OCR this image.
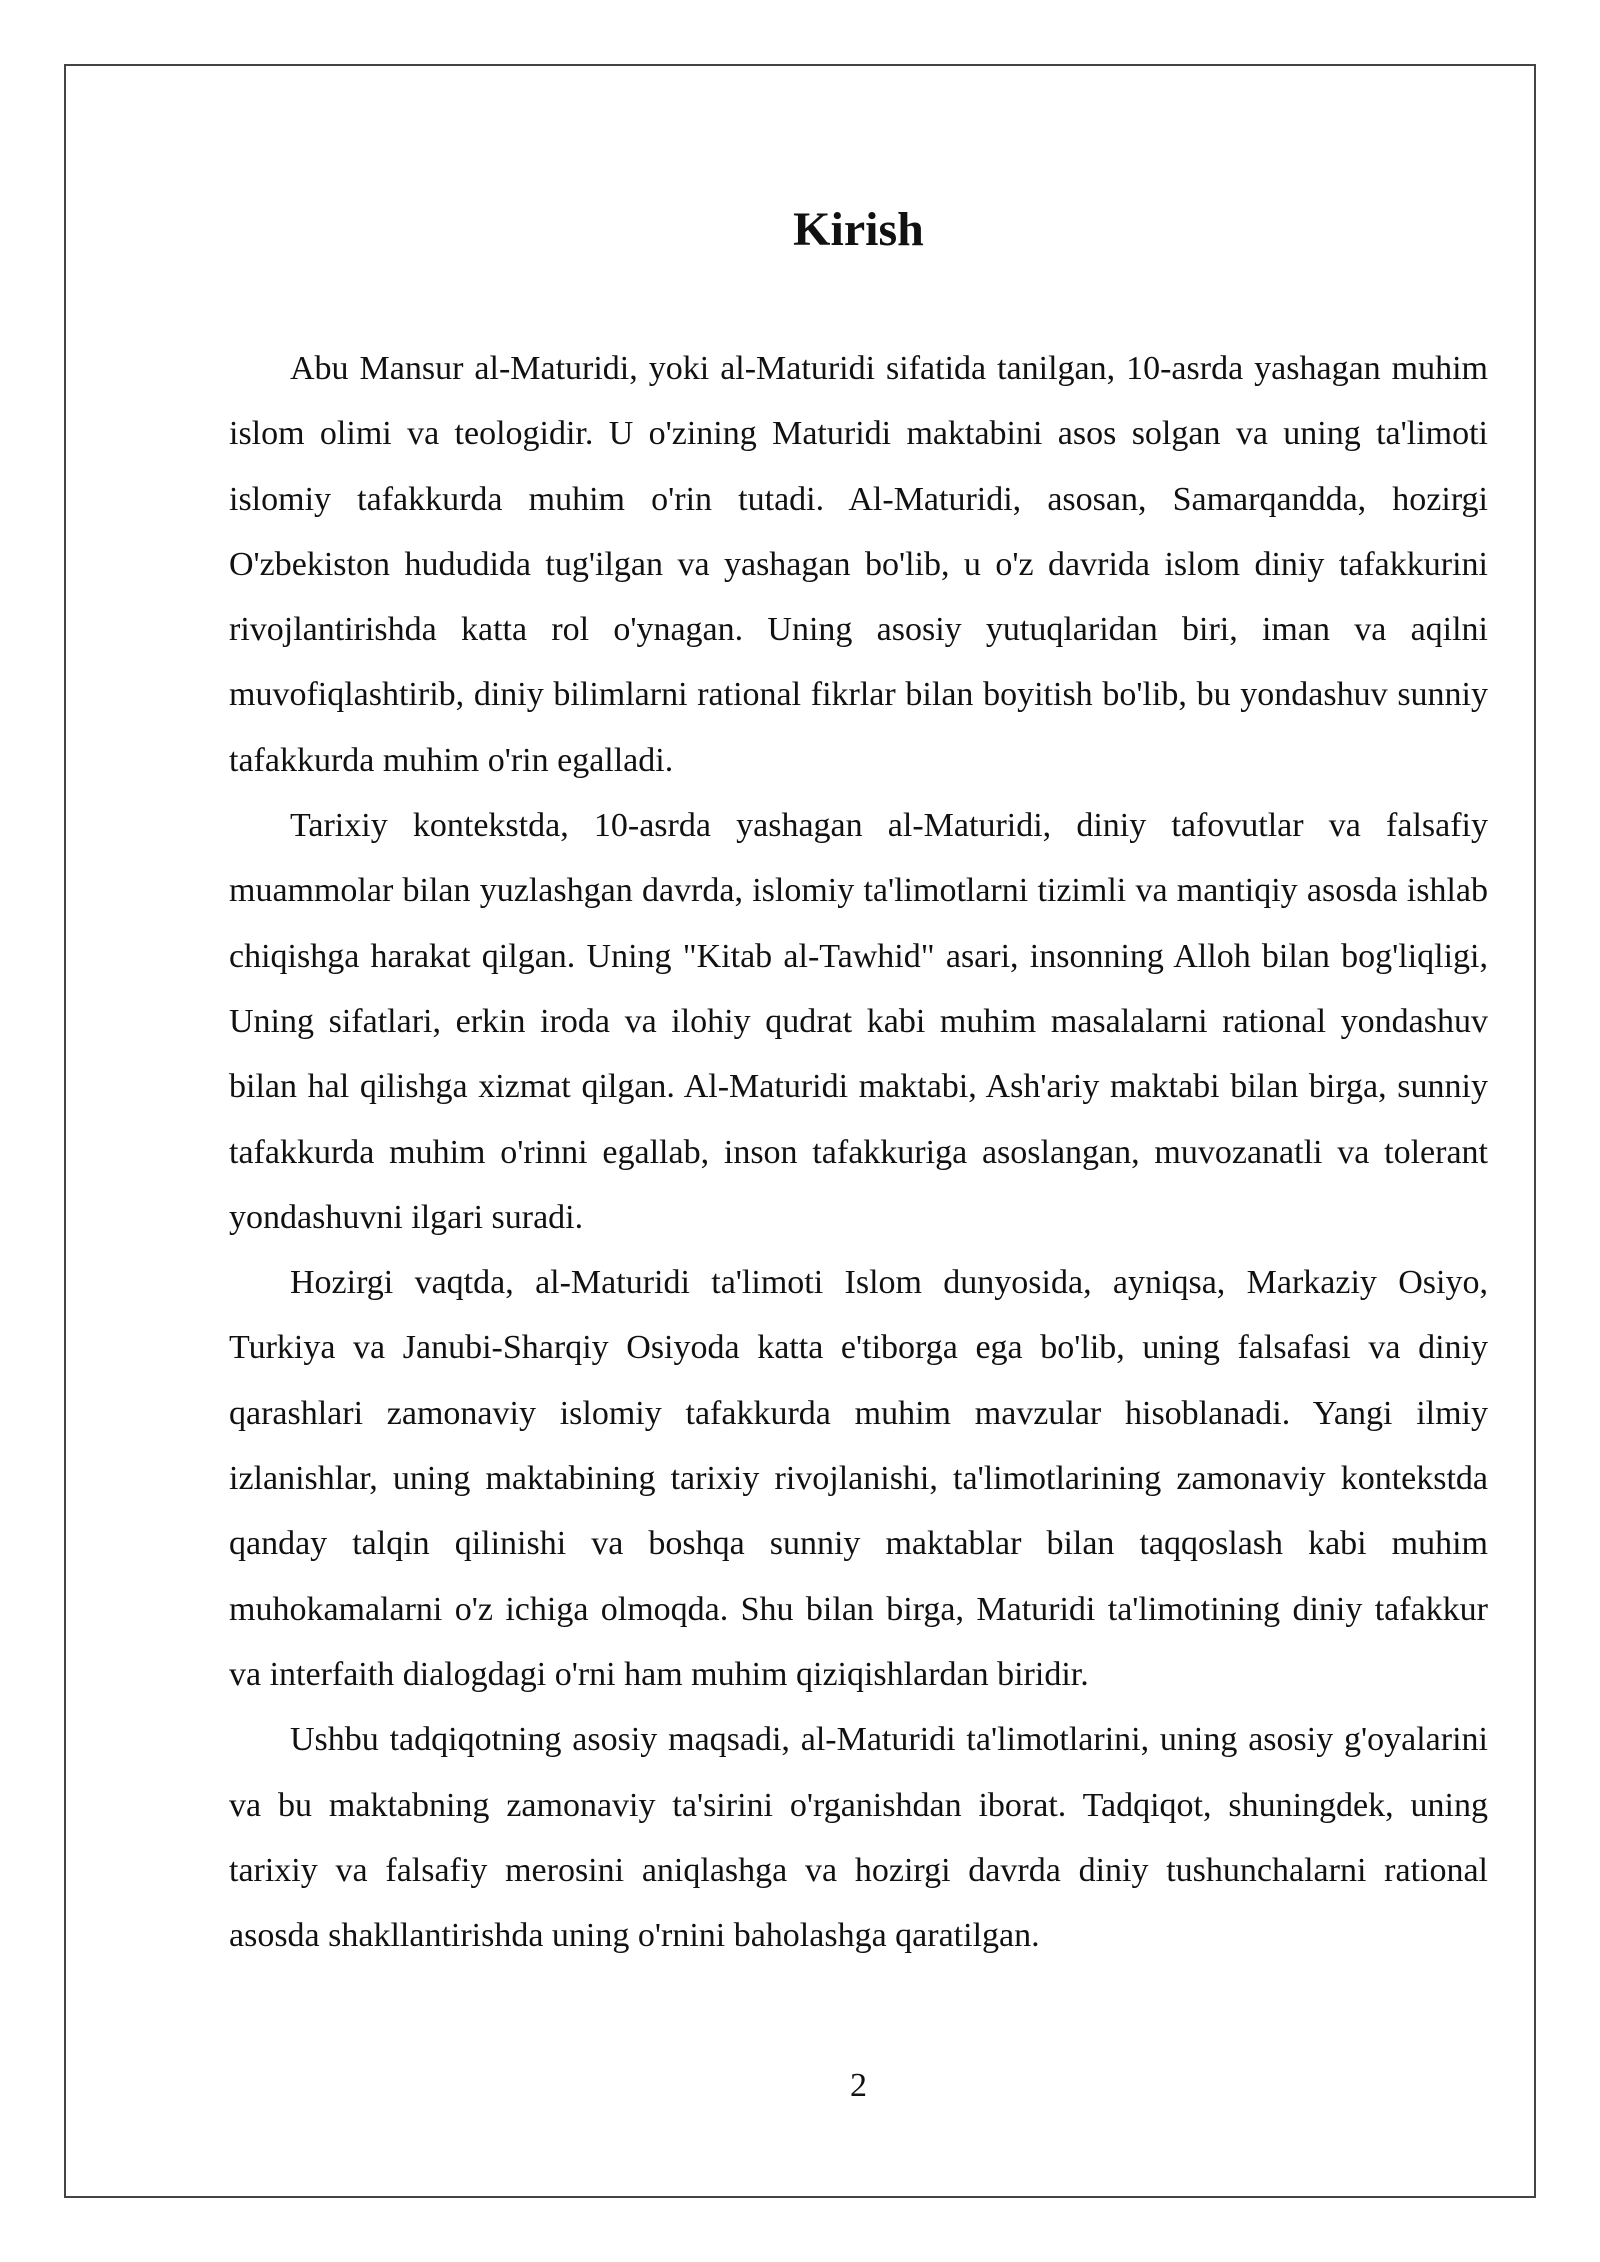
Kirish

Abu Mansur al-Maturidi, yoki al-Maturidi sifatida tanilgan, 10-asrda yashagan muhim islom olimi va teologidir. U o'zining Maturidi maktabini asos solgan va uning ta'limoti islomiy tafakkurda muhim o'rin tutadi. Al-Maturidi, asosan, Samarqandda, hozirgi O'zbekiston hududida tug'ilgan va yashagan bo'lib, u o'z davrida islom diniy tafakkurini rivojlantirishda katta rol o'ynagan. Uning asosiy yutuqlaridan biri, iman va aqilni muvofiqlashtirib, diniy bilimlarni rational fikrlar bilan boyitish bo'lib, bu yondashuv sunniy tafakkurda muhim o'rin egalladi.

Tarixiy kontekstda, 10-asrda yashagan al-Maturidi, diniy tafovutlar va falsafiy muammolar bilan yuzlashgan davrda, islomiy ta'limotlarni tizimli va mantiqiy asosda ishlab chiqishga harakat qilgan. Uning "Kitab al-Tawhid" asari, insonning Alloh bilan bog'liqligi, Uning sifatlari, erkin iroda va ilohiy qudrat kabi muhim masalalarni rational yondashuv bilan hal qilishga xizmat qilgan. Al-Maturidi maktabi, Ash'ariy maktabi bilan birga, sunniy tafakkurda muhim o'rinni egallab, inson tafakkuriga asoslangan, muvozanatli va tolerant yondashuvni ilgari suradi.

Hozirgi vaqtda, al-Maturidi ta'limoti Islom dunyosida, ayniqsa, Markaziy Osiyo, Turkiya va Janubi-Sharqiy Osiyoda katta e'tiborga ega bo'lib, uning falsafasi va diniy qarashlari zamonaviy islomiy tafakkurda muhim mavzular hisoblanadi. Yangi ilmiy izlanishlar, uning maktabining tarixiy rivojlanishi, ta'limotlarining zamonaviy kontekstda qanday talqin qilinishi va boshqa sunniy maktablar bilan taqqoslash kabi muhim muhokamalarni o'z ichiga olmoqda. Shu bilan birga, Maturidi ta'limotining diniy tafakkur va interfaith dialogdagi o'rni ham muhim qiziqishlardan biridir.

Ushbu tadqiqotning asosiy maqsadi, al-Maturidi ta'limotlarini, uning asosiy g'oyalarini va bu maktabning zamonaviy ta'sirini o'rganishdan iborat. Tadqiqot, shuningdek, uning tarixiy va falsafiy merosini aniqlashga va hozirgi davrda diniy tushunchalarni rational asosda shakllantirishda uning o'rnini baholashga qaratilgan.

2
